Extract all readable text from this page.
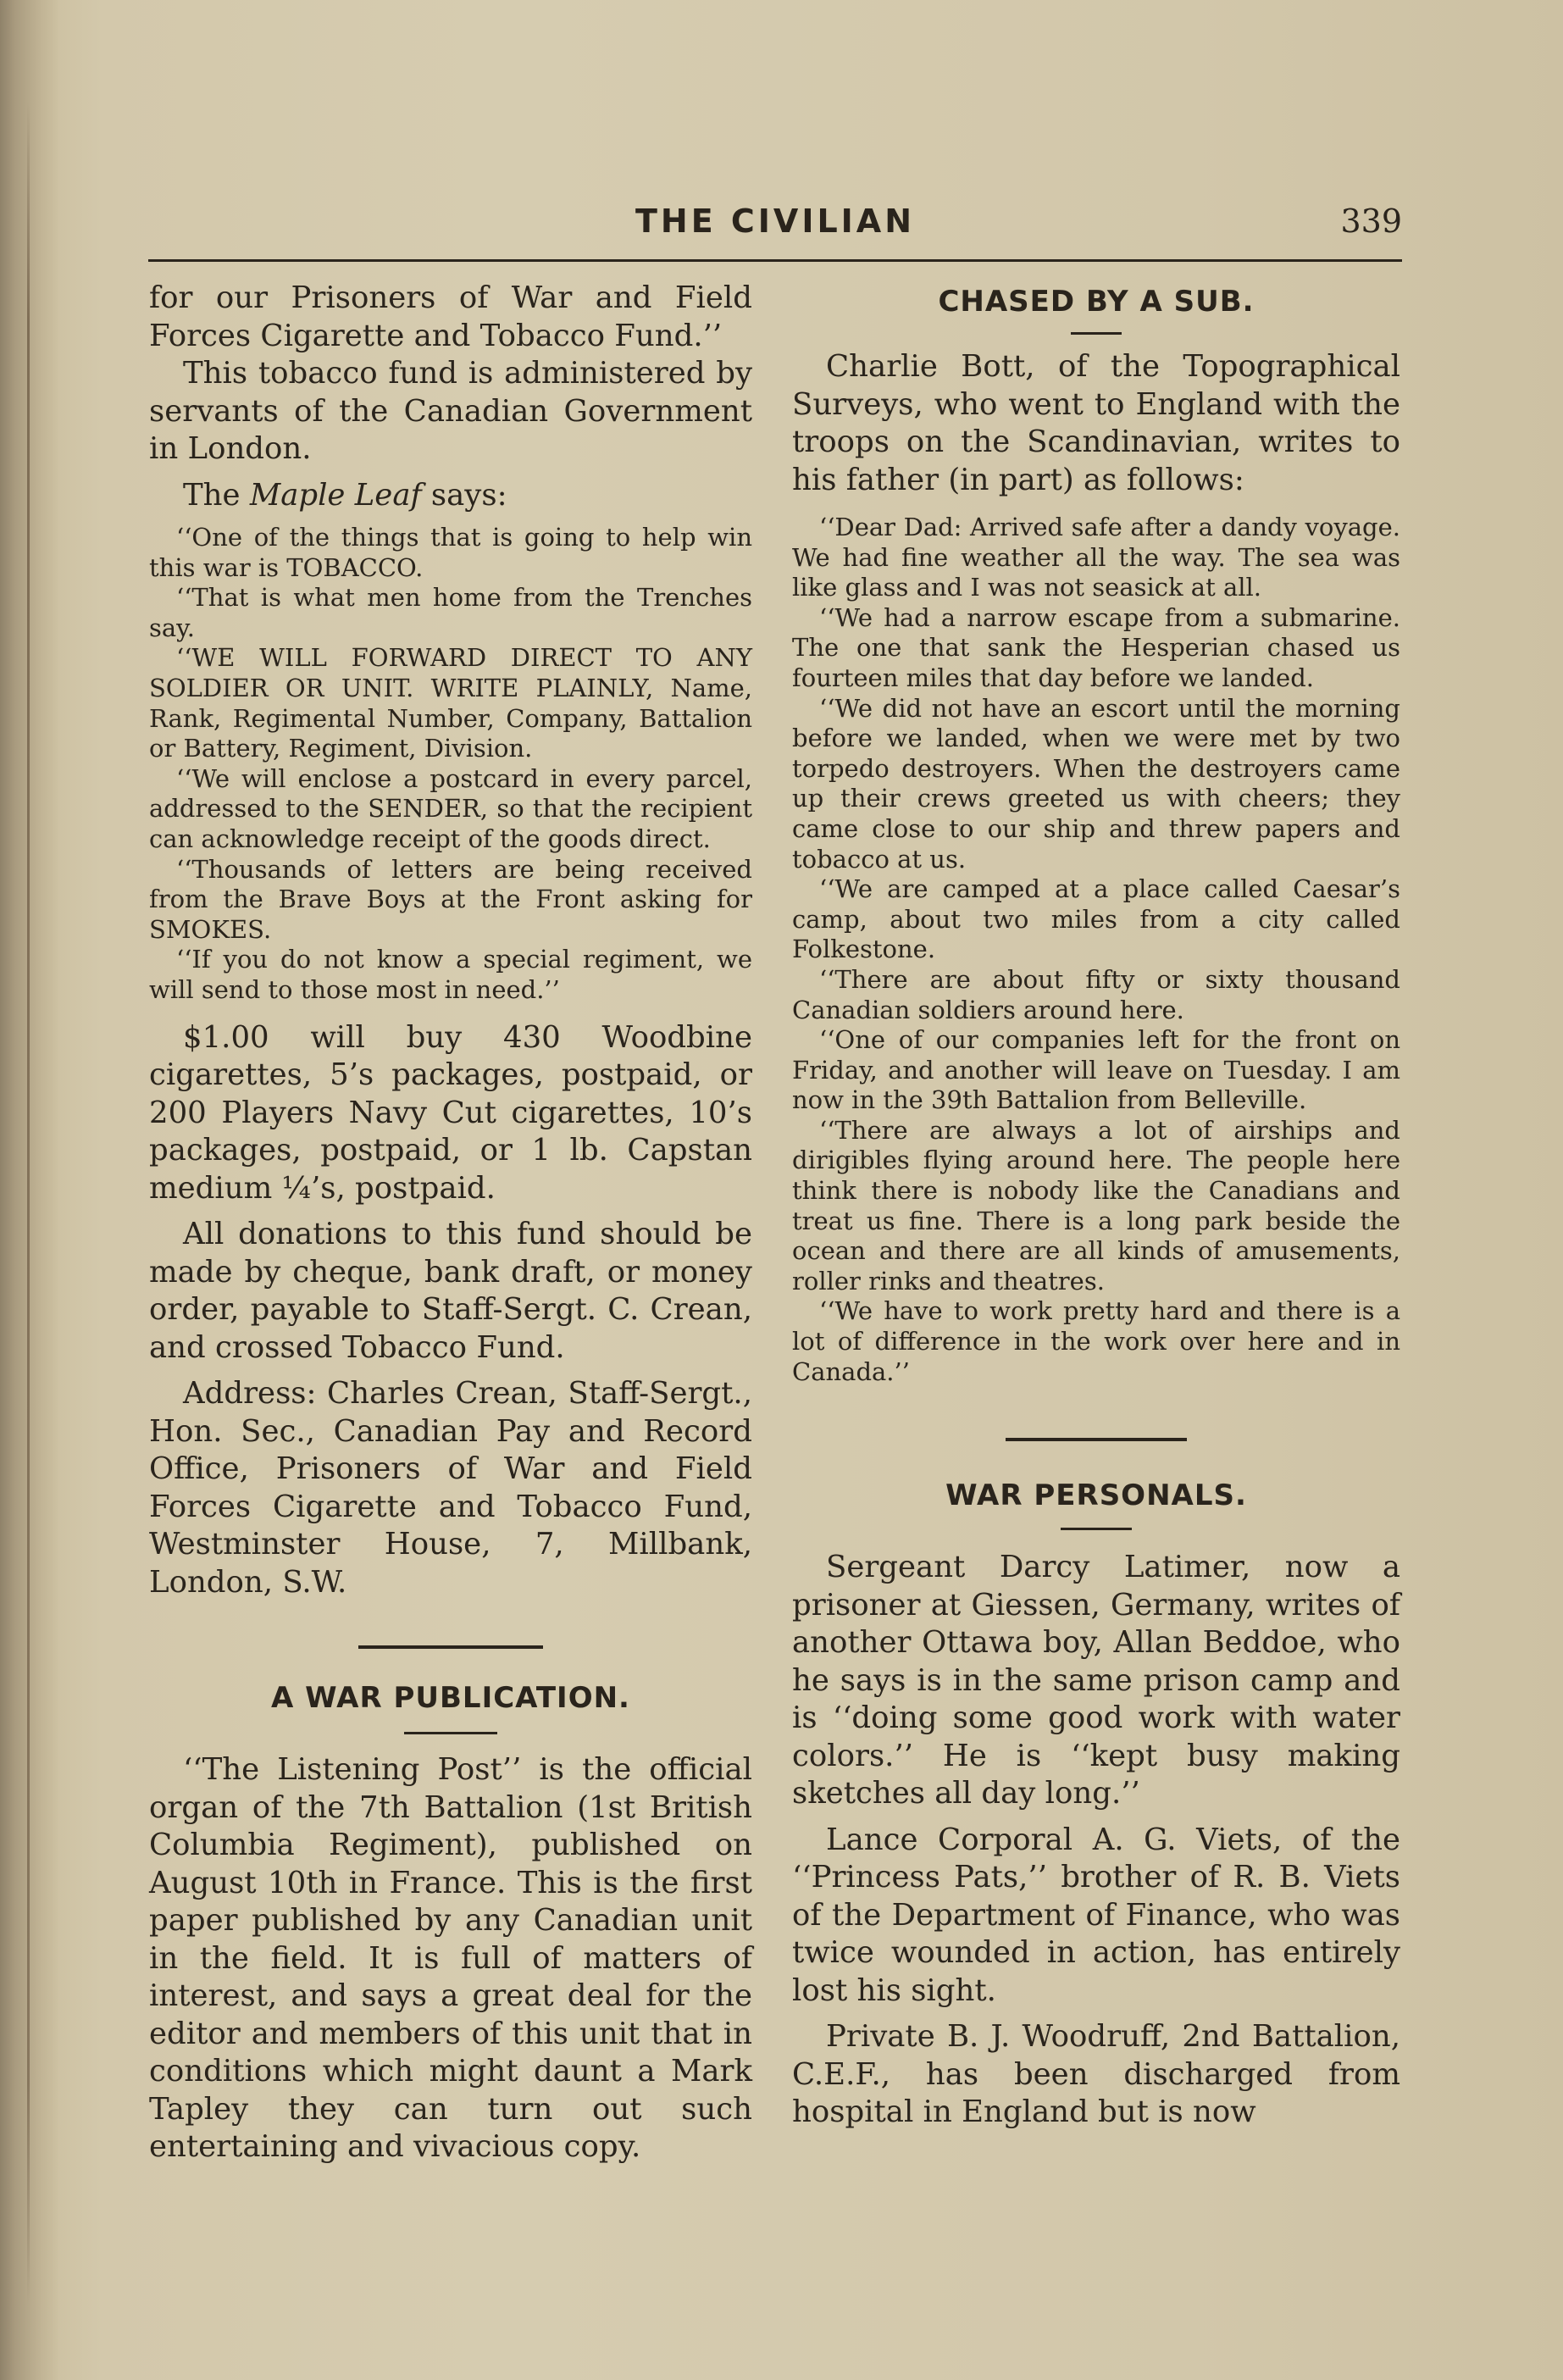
THE CIVILIAN	339

for our Prisoners of War and Field Forces Cigarette and Tobacco Fund.’’

This tobacco fund is administered by servants of the Canadian Government in London.

The Maple Leaf says:

‘‘One of the things that is going to help win this war is TOBACCO.

‘‘That is what men home from the Trenches say.

‘‘WE WILL FORWARD DIRECT TO ANY SOLDIER OR UNIT. WRITE PLAINLY, Name, Rank, Regimental Number, Company, Battalion or Battery, Regiment, Division.

‘‘We will enclose a postcard in every parcel, addressed to the SENDER, so that the recipient can acknowledge receipt of the goods direct.

‘‘Thousands of letters are being received from the Brave Boys at the Front asking for SMOKES.

‘‘If you do not know a special regiment, we will send to those most in need.’’

$1.00 will buy 430 Woodbine cigarettes, 5’s packages, postpaid, or 200 Players Navy Cut cigarettes, 10’s packages, postpaid, or 1 lb. Capstan medium ¼’s, postpaid.

All donations to this fund should be made by cheque, bank draft, or money order, payable to Staff-Sergt. C. Crean, and crossed Tobacco Fund.

Address: Charles Crean, Staff-Sergt., Hon. Sec., Canadian Pay and Record Office, Prisoners of War and Field Forces Cigarette and Tobacco Fund, Westminster House, 7, Millbank, London, S.W.

A WAR PUBLICATION.

‘‘The Listening Post’’ is the official organ of the 7th Battalion (1st British Columbia Regiment), published on August 10th in France. This is the first paper published by any Canadian unit in the field. It is full of matters of interest, and says a great deal for the editor and members of this unit that in conditions which might daunt a Mark Tapley they can turn out such entertaining and vivacious copy.

CHASED BY A SUB.

Charlie Bott, of the Topographical Surveys, who went to England with the troops on the Scandinavian, writes to his father (in part) as follows:

‘‘Dear Dad: Arrived safe after a dandy voyage. We had fine weather all the way. The sea was like glass and I was not seasick at all.

‘‘We had a narrow escape from a submarine. The one that sank the Hesperian chased us fourteen miles that day before we landed.

‘‘We did not have an escort until the morning before we landed, when we were met by two torpedo destroyers. When the destroyers came up their crews greeted us with cheers; they came close to our ship and threw papers and tobacco at us.

‘‘We are camped at a place called Caesar’s camp, about two miles from a city called Folkestone.

‘‘There are about fifty or sixty thousand Canadian soldiers around here.

‘‘One of our companies left for the front on Friday, and another will leave on Tuesday. I am now in the 39th Battalion from Belleville.

‘‘There are always a lot of airships and dirigibles flying around here. The people here think there is nobody like the Canadians and treat us fine. There is a long park beside the ocean and there are all kinds of amusements, roller rinks and theatres.

‘‘We have to work pretty hard and there is a lot of difference in the work over here and in Canada.’’

WAR PERSONALS.

Sergeant Darcy Latimer, now a prisoner at Giessen, Germany, writes of another Ottawa boy, Allan Beddoe, who he says is in the same prison camp and is ‘‘doing some good work with water colors.’’ He is ‘‘kept busy making sketches all day long.’’

Lance Corporal A. G. Viets, of the ‘‘Princess Pats,’’ brother of R. B. Viets of the Department of Finance, who was twice wounded in action, has entirely lost his sight.

Private B. J. Woodruff, 2nd Battalion, C.E.F., has been discharged from hospital in England but is now
